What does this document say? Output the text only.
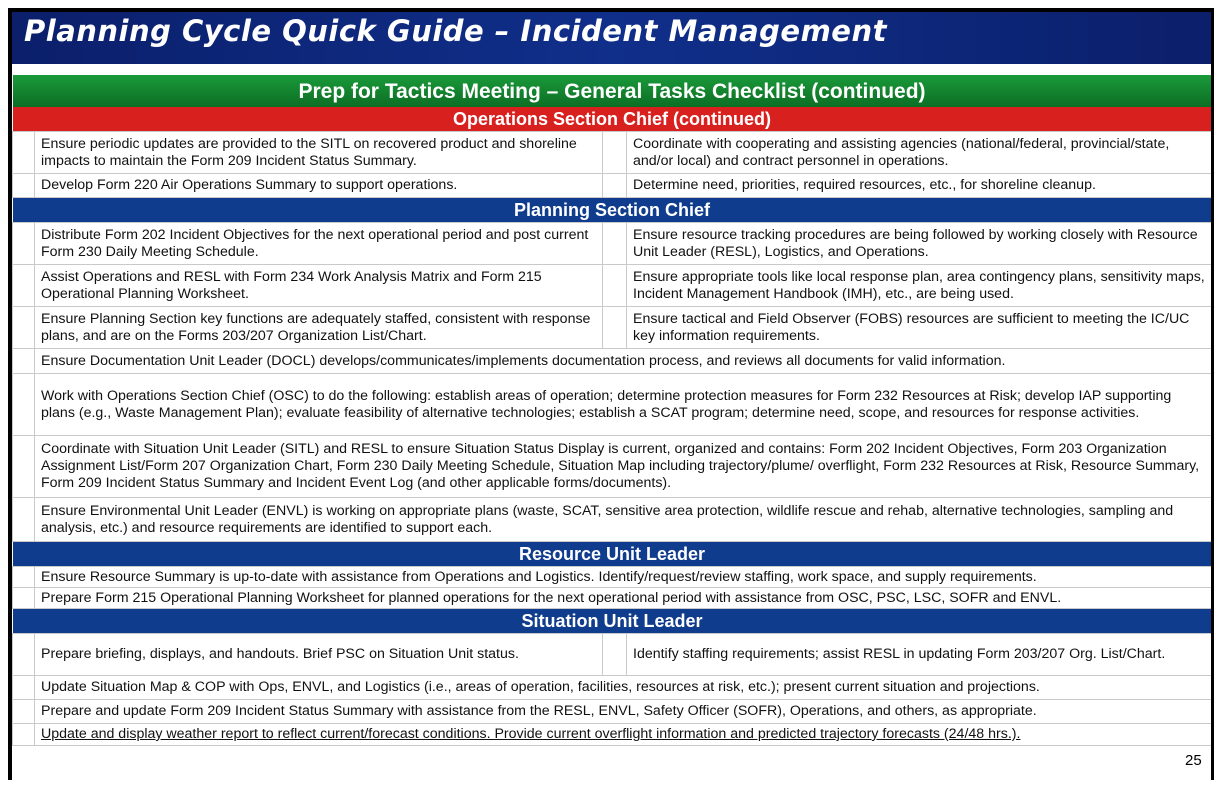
Planning Cycle Quick Guide – Incident Management
Prep for Tactics Meeting – General Tasks Checklist (continued)			
Operations Section Chief (continued)			
	Ensure periodic updates are provided to the SITL on recovered product and shoreline impacts to maintain the Form 209 Incident Status Summary.		Coordinate with cooperating and assisting agencies (national/federal, provincial/state, and/or local) and contract personnel in operations.
	Develop Form 220 Air Operations Summary to support operations.		Determine need, priorities, required resources, etc., for shoreline cleanup.
Planning Section Chief			
	Distribute Form 202 Incident Objectives for the next operational period and post current Form 230 Daily Meeting Schedule.		Ensure resource tracking procedures are being followed by working closely with Resource Unit Leader (RESL), Logistics, and Operations.
	Assist Operations and RESL with Form 234 Work Analysis Matrix and Form 215 Operational Planning Worksheet.		Ensure appropriate tools like local response plan, area contingency plans, sensitivity maps, Incident Management Handbook (IMH), etc., are being used.
	Ensure Planning Section key functions are adequately staffed, consistent with response plans, and are on the Forms 203/207 Organization List/Chart.		Ensure tactical and Field Observer (FOBS) resources are sufficient to meeting the IC/UC key information requirements.
	Ensure Documentation Unit Leader (DOCL) develops/communicates/implements documentation process, and reviews all documents for valid information.		
	Work with Operations Section Chief (OSC) to do the following: establish areas of operation; determine protection measures for Form 232 Resources at Risk; develop IAP supporting plans (e.g., Waste Management Plan); evaluate feasibility of alternative technologies; establish a SCAT program; determine need, scope, and resources for response activities.		
	Coordinate with Situation Unit Leader (SITL) and RESL to ensure Situation Status Display is current, organized and contains: Form 202 Incident Objectives, Form 203 Organization Assignment List/Form 207 Organization Chart, Form 230 Daily Meeting Schedule, Situation Map including trajectory/plume/ overflight, Form 232 Resources at Risk, Resource Summary, Form 209 Incident Status Summary and Incident Event Log (and other applicable forms/documents).		
	Ensure Environmental Unit Leader (ENVL) is working on appropriate plans (waste, SCAT, sensitive area protection, wildlife rescue and rehab, alternative technologies, sampling and analysis, etc.) and resource requirements are identified to support each.		
Resource Unit Leader			
	Ensure Resource Summary is up-to-date with assistance from Operations and Logistics. Identify/request/review staffing, work space, and supply requirements.		
	Prepare Form 215 Operational Planning Worksheet for planned operations for the next operational period with assistance from OSC, PSC, LSC, SOFR and ENVL.		
Situation Unit Leader			
	Prepare briefing, displays, and handouts. Brief PSC on Situation Unit status.		Identify staffing requirements; assist RESL in updating Form 203/207 Org. List/Chart.
	Update Situation Map & COP with Ops, ENVL, and Logistics (i.e., areas of operation, facilities, resources at risk, etc.); present current situation and projections.		
	Prepare and update Form 209 Incident Status Summary with assistance from the RESL, ENVL, Safety Officer (SOFR), Operations, and others, as appropriate.		
	Update and display weather report to reflect current/forecast conditions. Provide current overflight information and predicted trajectory forecasts (24/48 hrs.).		
25
